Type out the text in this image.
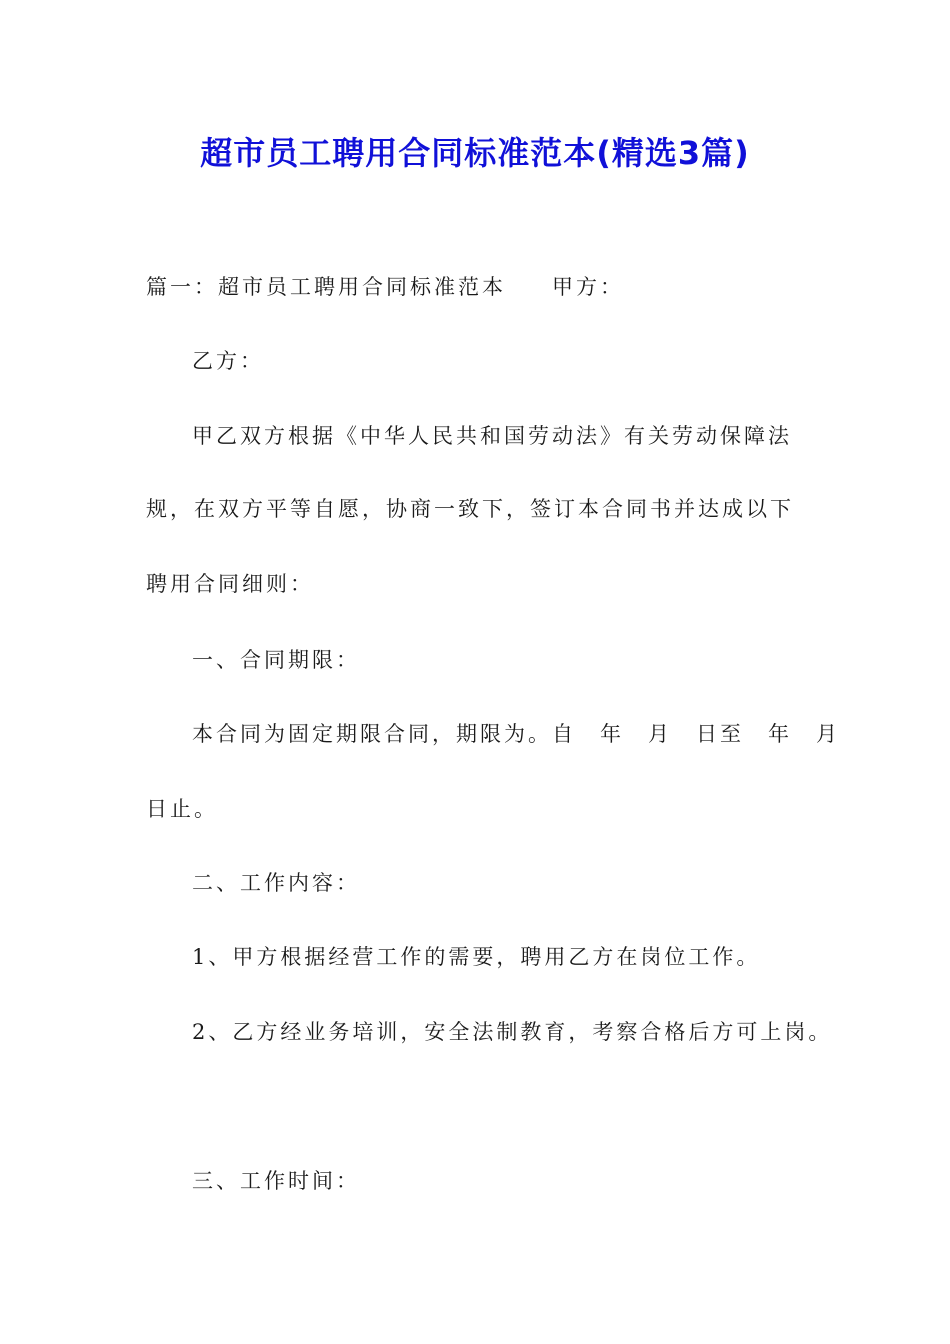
超市员工聘用合同标准范本(精选3篇)

篇一：超市员工聘用合同标准范本 甲方：

乙方：

甲乙双方根据《中华人民共和国劳动法》有关劳动保障法

规，在双方平等自愿，协商一致下，签订本合同书并达成以下

聘用合同细则：

一、合同期限：

本合同为固定期限合同，期限为。自　年　月　日至　年　月

日止。

二、工作内容：

1、甲方根据经营工作的需要，聘用乙方在岗位工作。

2、乙方经业务培训，安全法制教育，考察合格后方可上岗。

三、工作时间：
